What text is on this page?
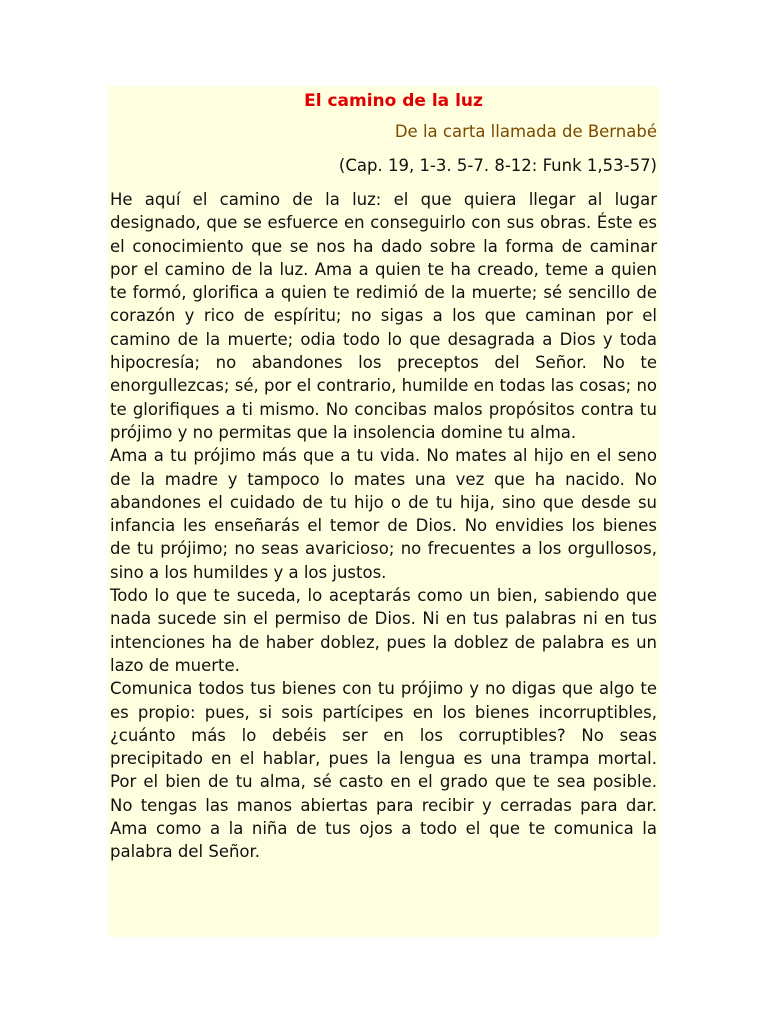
El camino de la luz
De la carta llamada de Bernabé
(Cap. 19, 1-3. 5-7. 8-12: Funk 1,53-57)

He aquí el camino de la luz: el que quiera llegar al lugar designado, que se esfuerce en conseguirlo con sus obras. Éste es el conocimiento que se nos ha dado sobre la forma de caminar por el camino de la luz. Ama a quien te ha creado, teme a quien te formó, glorifica a quien te redimió de la muerte; sé sencillo de corazón y rico de espíritu; no sigas a los que caminan por el camino de la muerte; odia todo lo que desagrada a Dios y toda hipocresía; no abandones los preceptos del Señor. No te enorgullezcas; sé, por el contrario, humilde en todas las cosas; no te glorifiques a ti mismo. No concibas malos propósitos contra tu prójimo y no permitas que la insolencia domine tu alma.

Ama a tu prójimo más que a tu vida. No mates al hijo en el seno de la madre y tampoco lo mates una vez que ha nacido. No abandones el cuidado de tu hijo o de tu hija, sino que desde su infancia les enseñarás el temor de Dios. No envidies los bienes de tu prójimo; no seas avaricioso; no frecuentes a los orgullosos, sino a los humildes y a los justos.

Todo lo que te suceda, lo aceptarás como un bien, sabiendo que nada sucede sin el permiso de Dios. Ni en tus palabras ni en tus intenciones ha de haber doblez, pues la doblez de palabra es un lazo de muerte.

Comunica todos tus bienes con tu prójimo y no digas que algo te es propio: pues, si sois partícipes en los bienes incorruptibles, ¿cuánto más lo debéis ser en los corruptibles? No seas precipitado en el hablar, pues la lengua es una trampa mortal. Por el bien de tu alma, sé casto en el grado que te sea posible. No tengas las manos abiertas para recibir y cerradas para dar. Ama como a la niña de tus ojos a todo el que te comunica la palabra del Señor.
